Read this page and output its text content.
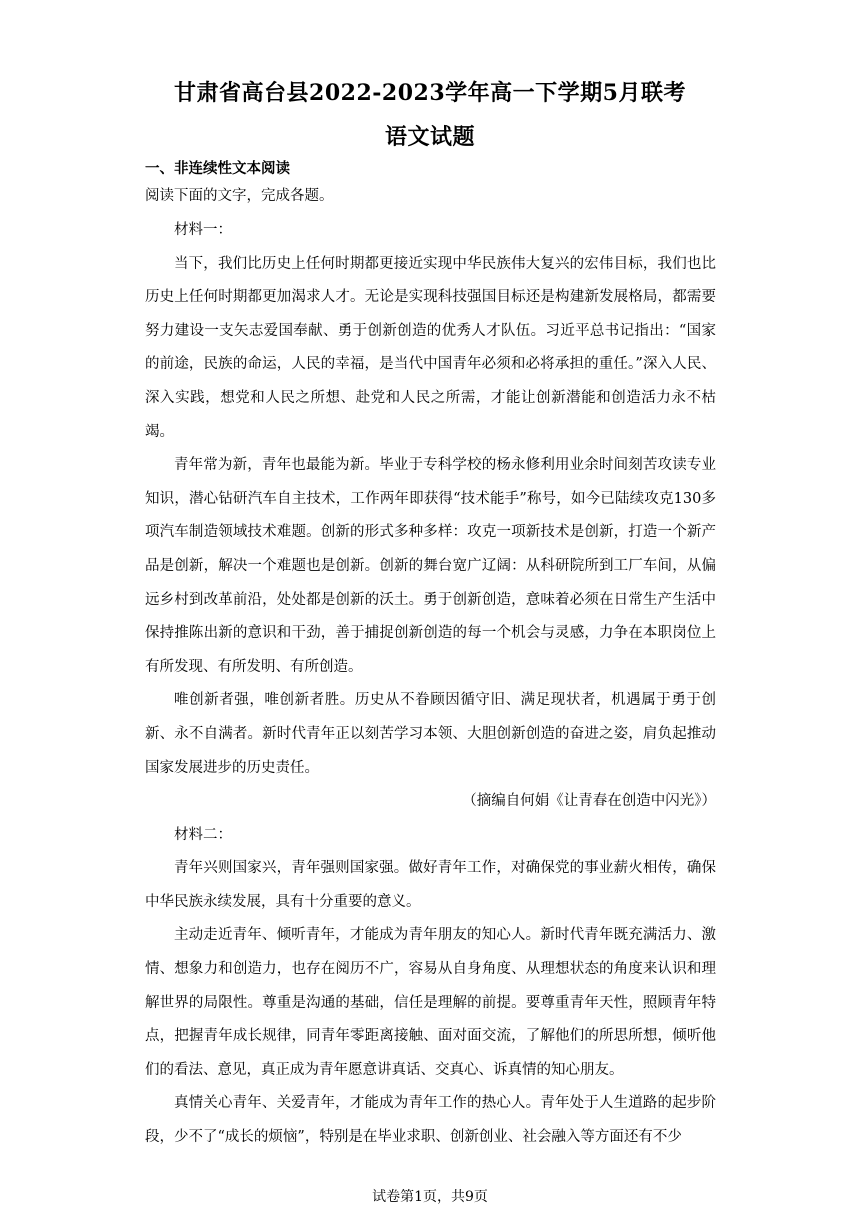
甘肃省高台县2022-2023学年高一下学期5月联考
语文试题
一、非连续性文本阅读
阅读下面的文字，完成各题。

材料一：

当下，我们比历史上任何时期都更接近实现中华民族伟大复兴的宏伟目标，我们也比历史上任何时期都更加渴求人才。无论是实现科技强国目标还是构建新发展格局，都需要努力建设一支矢志爱国奉献、勇于创新创造的优秀人才队伍。习近平总书记指出：“国家的前途，民族的命运，人民的幸福，是当代中国青年必须和必将承担的重任。”深入人民、深入实践，想党和人民之所想、赴党和人民之所需，才能让创新潜能和创造活力永不枯竭。

青年常为新，青年也最能为新。毕业于专科学校的杨永修利用业余时间刻苦攻读专业知识，潜心钻研汽车自主技术，工作两年即获得“技术能手”称号，如今已陆续攻克130多项汽车制造领域技术难题。创新的形式多种多样：攻克一项新技术是创新，打造一个新产品是创新，解决一个难题也是创新。创新的舞台宽广辽阔：从科研院所到工厂车间，从偏远乡村到改革前沿，处处都是创新的沃土。勇于创新创造，意味着必须在日常生产生活中保持推陈出新的意识和干劲，善于捕捉创新创造的每一个机会与灵感，力争在本职岗位上有所发现、有所发明、有所创造。

唯创新者强，唯创新者胜。历史从不眷顾因循守旧、满足现状者，机遇属于勇于创新、永不自满者。新时代青年正以刻苦学习本领、大胆创新创造的奋进之姿，肩负起推动国家发展进步的历史责任。

（摘编自何娟《让青春在创造中闪光》）

材料二：

青年兴则国家兴，青年强则国家强。做好青年工作，对确保党的事业薪火相传，确保中华民族永续发展，具有十分重要的意义。

主动走近青年、倾听青年，才能成为青年朋友的知心人。新时代青年既充满活力、激情、想象力和创造力，也存在阅历不广，容易从自身角度、从理想状态的角度来认识和理解世界的局限性。尊重是沟通的基础，信任是理解的前提。要尊重青年天性，照顾青年特点，把握青年成长规律，同青年零距离接触、面对面交流，了解他们的所思所想，倾听他们的看法、意见，真正成为青年愿意讲真话、交真心、诉真情的知心朋友。

真情关心青年、关爱青年，才能成为青年工作的热心人。青年处于人生道路的起步阶段，少不了“成长的烦恼”，特别是在毕业求职、创新创业、社会融入等方面还有不少

试卷第1页，共9页
